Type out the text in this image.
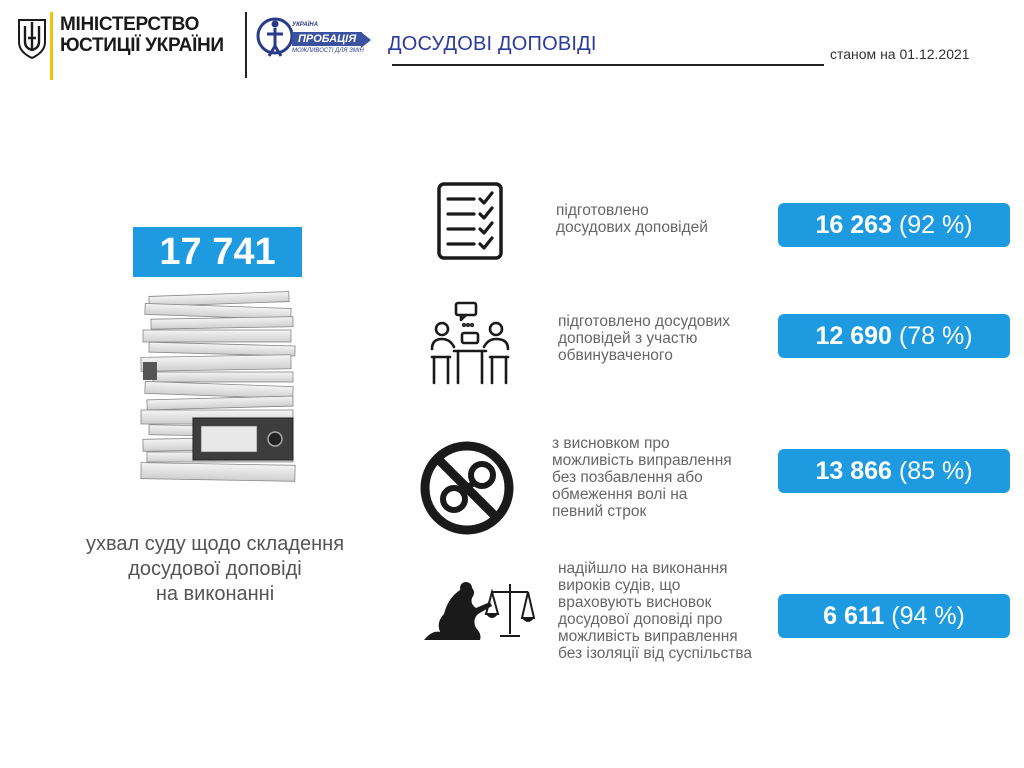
МІНІСТЕРСТВО
ЮСТИЦІЇ УКРАЇНИ
УКРАЇНА
ПРОБАЦІЯ
МОЖЛИВОСТІ ДЛЯ ЗМІН ДОСУДОВІ ДОПОВІДІ	станом на 01.12.2021
17 741
ухвал суду щодо складення
досудової доповіді
на виконанні
підготовлено
досудових доповідей	16 263
(92 %)
підготовлено досудових
доповідей з участю
обвинуваченого
12 690
(78 %)
з висновком про
можливість виправлення
без позбавлення або
обмеження волі на
певний строк
13 866
(85 %)
надійшло на виконання
вироків судів, що
враховують висновок
досудової доповіді про
можливість виправлення
без ізоляції від суспільства
6 611
(94 %)
